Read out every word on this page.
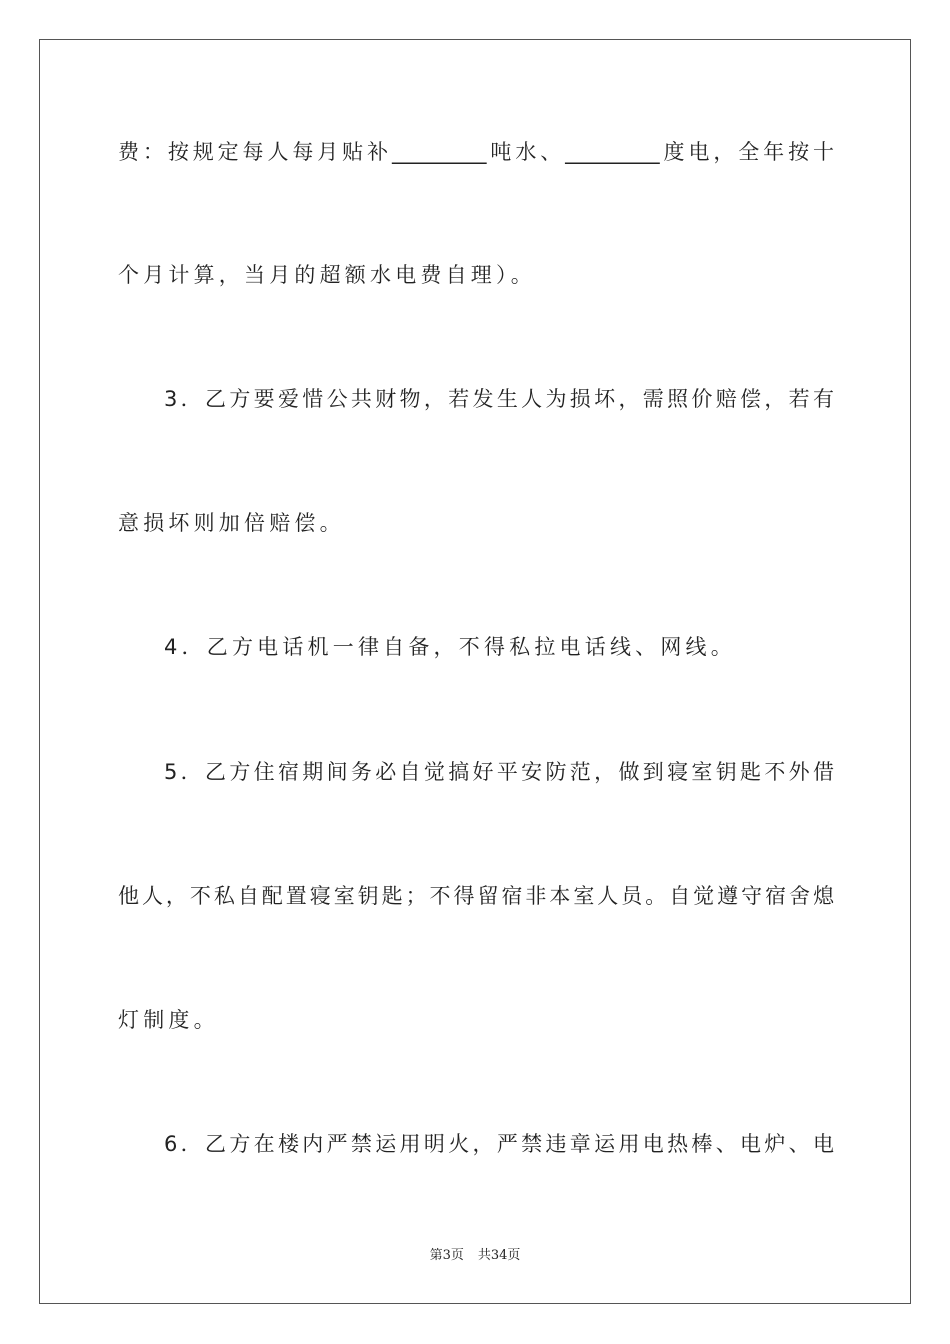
费：按规定每人每月贴补_________吨水、_________度电，全年按十
个月计算，当月的超额水电费自理）。
3．乙方要爱惜公共财物，若发生人为损坏，需照价赔偿，若有
意损坏则加倍赔偿。
4．乙方电话机一律自备，不得私拉电话线、网线。
5．乙方住宿期间务必自觉搞好平安防范，做到寝室钥匙不外借
他人，不私自配置寝室钥匙；不得留宿非本室人员。自觉遵守宿舍熄
灯制度。
6．乙方在楼内严禁运用明火，严禁违章运用电热棒、电炉、电
第3页 共34页
